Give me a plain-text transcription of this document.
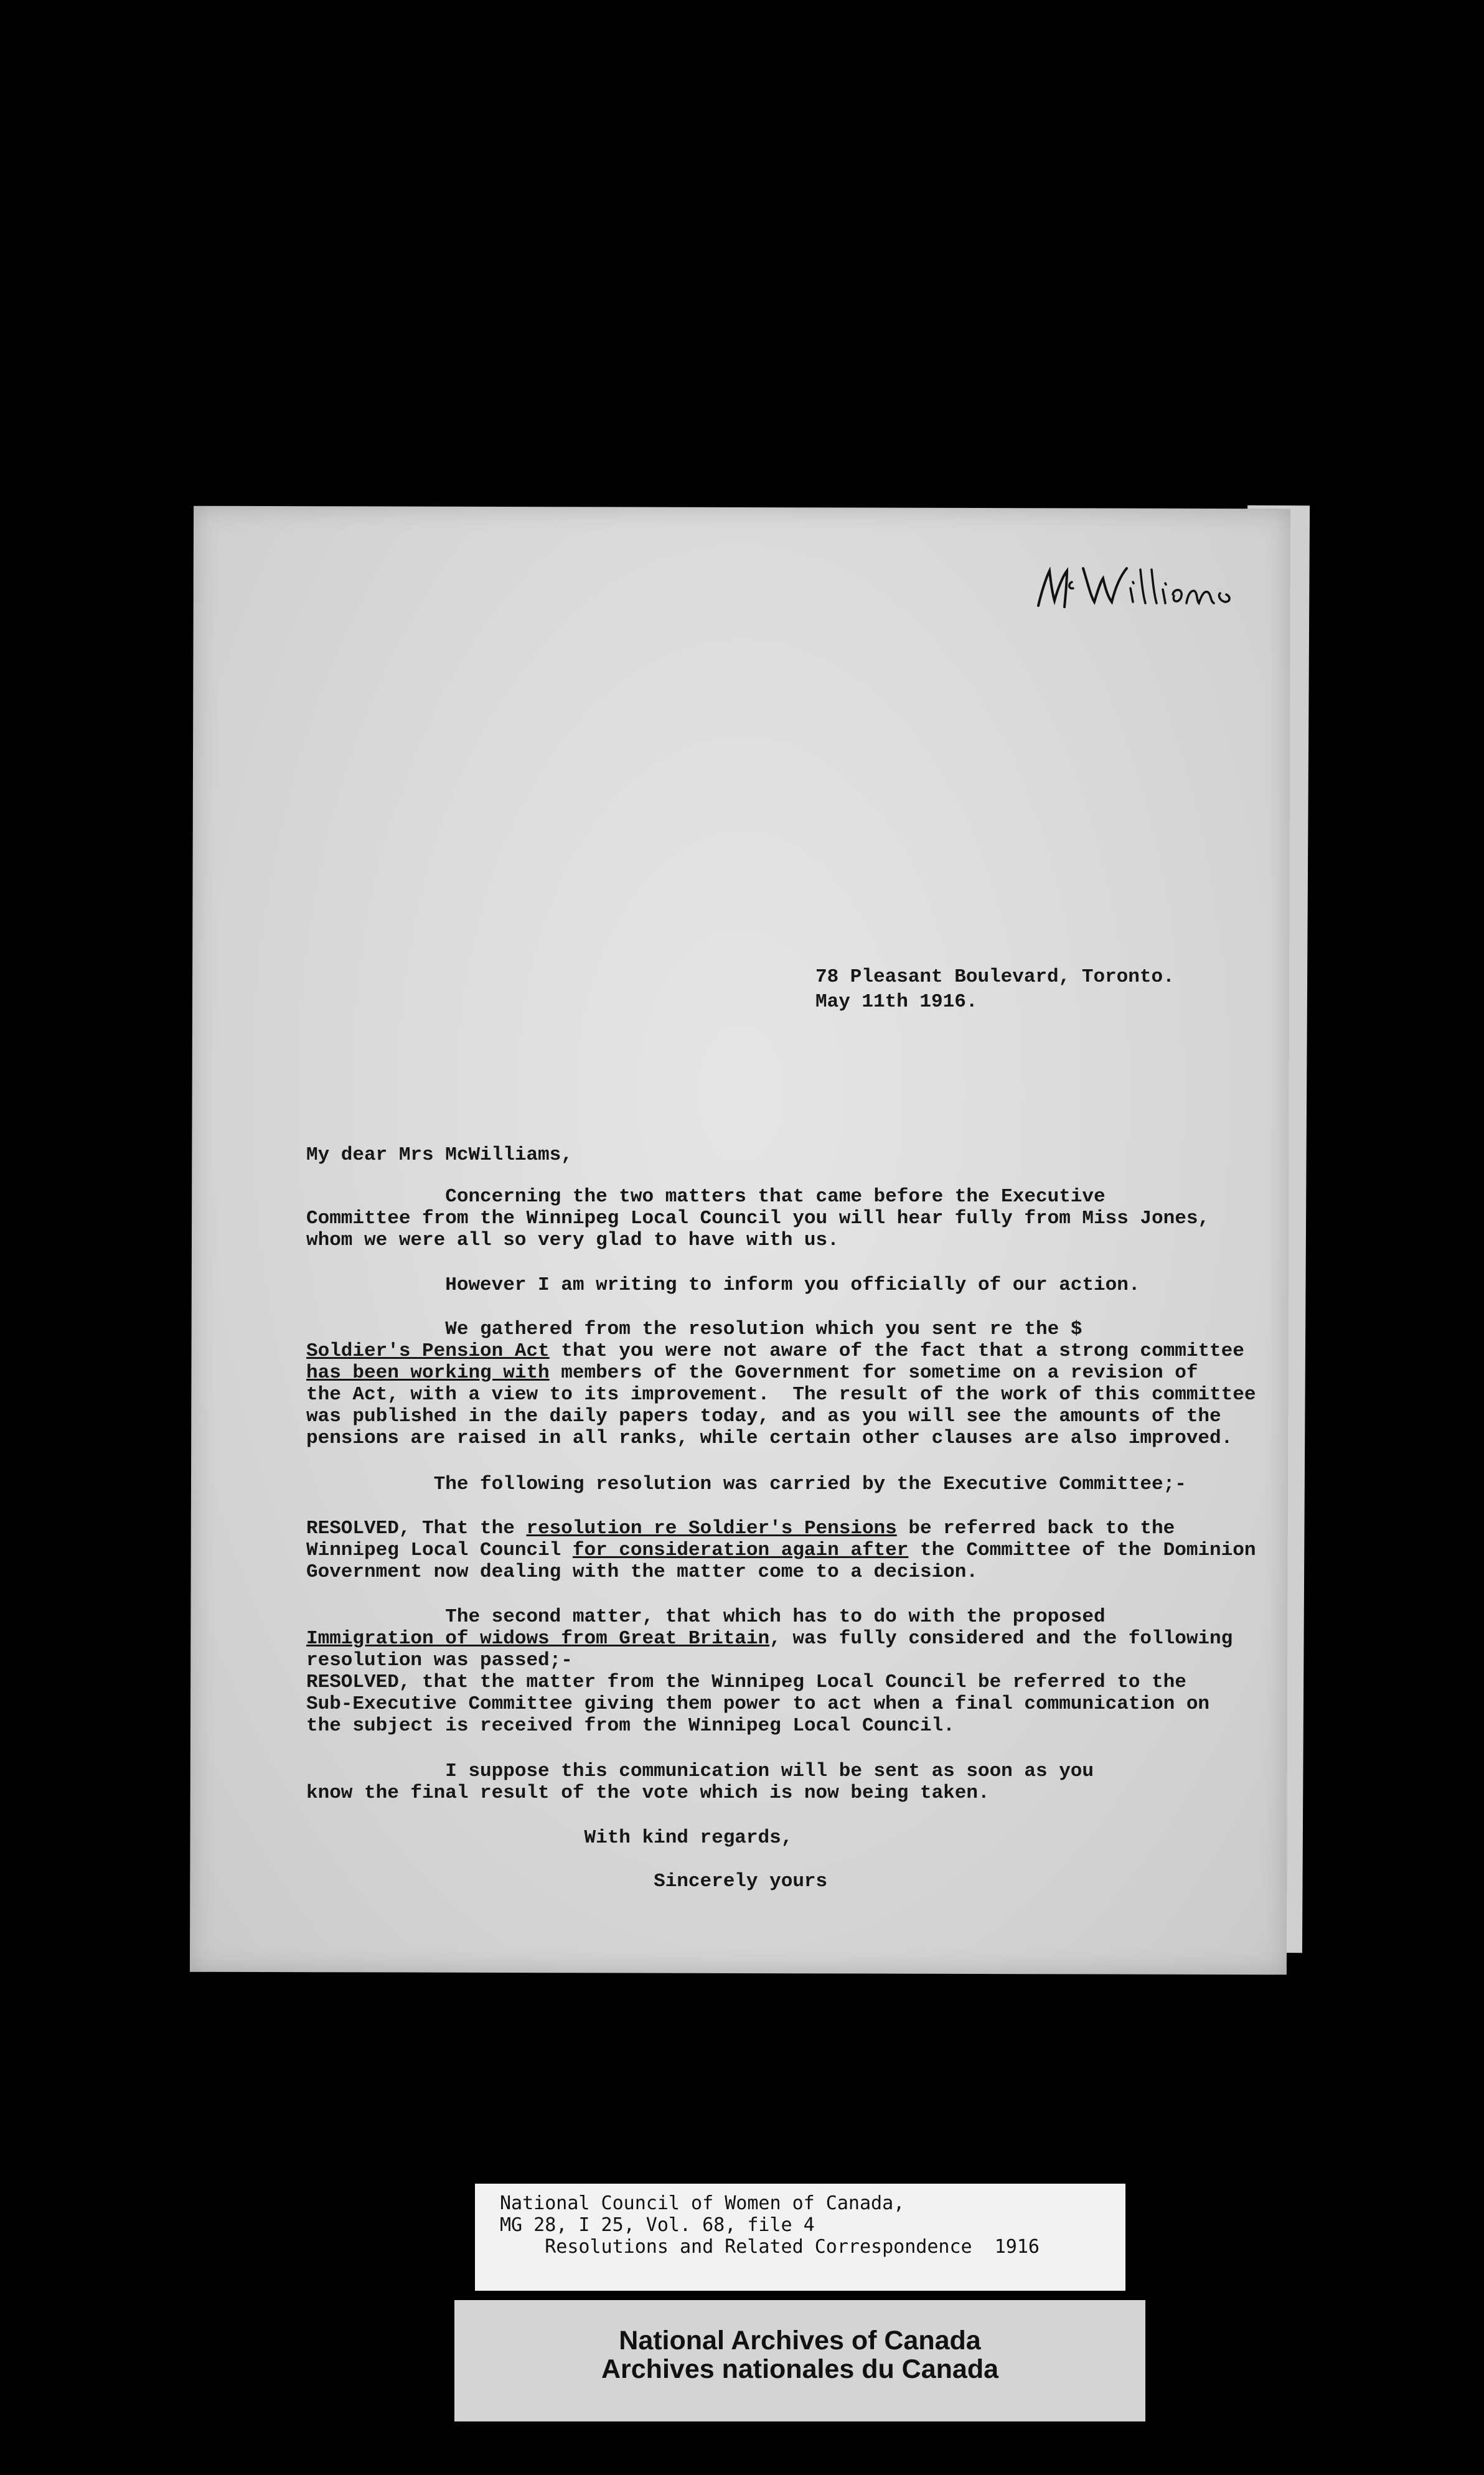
78 Pleasant Boulevard, Toronto.
May 11th 1916.
My dear Mrs McWilliams,
Concerning the two matters that came before the Executive
Committee from the Winnipeg Local Council you will hear fully from Miss Jones,
whom we were all so very glad to have with us.
However I am writing to inform you officially of our action.
We gathered from the resolution which you sent re the $
Soldier's Pension Act that you were not aware of the fact that a strong committee
has been working with members of the Government for sometime on a revision of
the Act, with a view to its improvement.  The result of the work of this committee
was published in the daily papers today, and as you will see the amounts of the
pensions are raised in all ranks, while certain other clauses are also improved.
The following resolution was carried by the Executive Committee;-
RESOLVED, That the resolution re Soldier's Pensions be referred back to the
Winnipeg Local Council for consideration again after the Committee of the Dominion
Government now dealing with the matter come to a decision.
The second matter, that which has to do with the proposed
Immigration of widows from Great Britain, was fully considered and the following
resolution was passed;-
RESOLVED, that the matter from the Winnipeg Local Council be referred to the
Sub-Executive Committee giving them power to act when a final communication on
the subject is received from the Winnipeg Local Council.
I suppose this communication will be sent as soon as you
know the final result of the vote which is now being taken.
With kind regards,
Sincerely yours
National Council of Women of Canada,
MG 28, I 25, Vol. 68, file 4
Resolutions and Related Correspondence  1916
National Archives of Canada
Archives nationales du Canada
